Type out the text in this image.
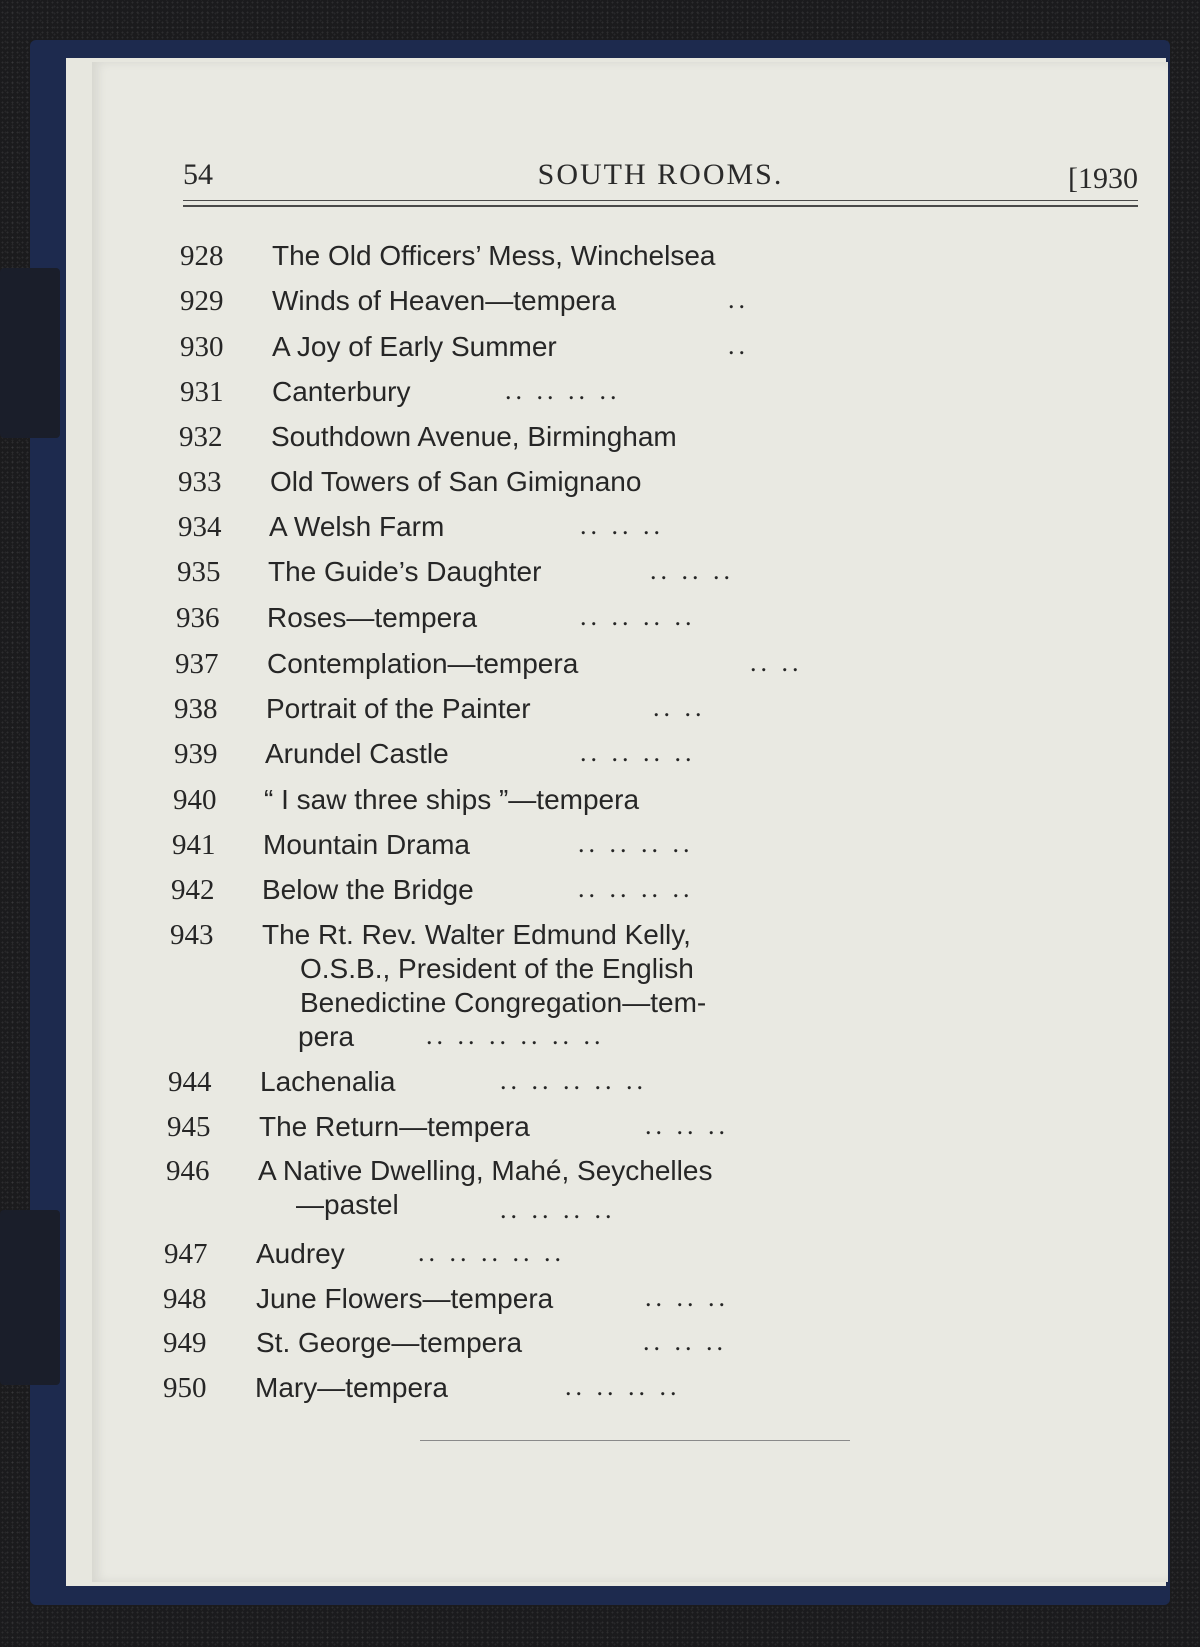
54	SOUTH ROOMS.	[1930
928 The Old Officers’ Mess, Winchelsea
929 Winds of Heaven—tempera	..
930 A Joy of Early Summer	..
931 Canterbury	.. .. .. ..
932 Southdown Avenue, Birmingham
933 Old Towers of San Gimignano
934 A Welsh Farm	.. .. ..
935 The Guide’s Daughter	.. .. ..
936 Roses—tempera	.. .. .. ..
937 Contemplation—tempera	.. ..
938 Portrait of the Painter	.. ..
939 Arundel Castle	.. .. .. ..
940 “ I saw three ships ”—tempera
941 Mountain Drama	.. .. .. ..
942 Below the Bridge	.. .. .. ..
943 The Rt. Rev. Walter Edmund Kelly,
O.S.B., President of the English
Benedictine Congregation—tem-
pera	.. .. .. .. .. ..
944 Lachenalia	.. .. .. .. ..
945 The Return—tempera	.. .. ..
946 A Native Dwelling, Mahé, Seychelles
—pastel	.. .. .. ..
947 Audrey	.. .. .. .. ..
948 June Flowers—tempera	.. .. ..
949 St. George—tempera	.. .. ..
950 Mary—tempera	.. .. .. ..
